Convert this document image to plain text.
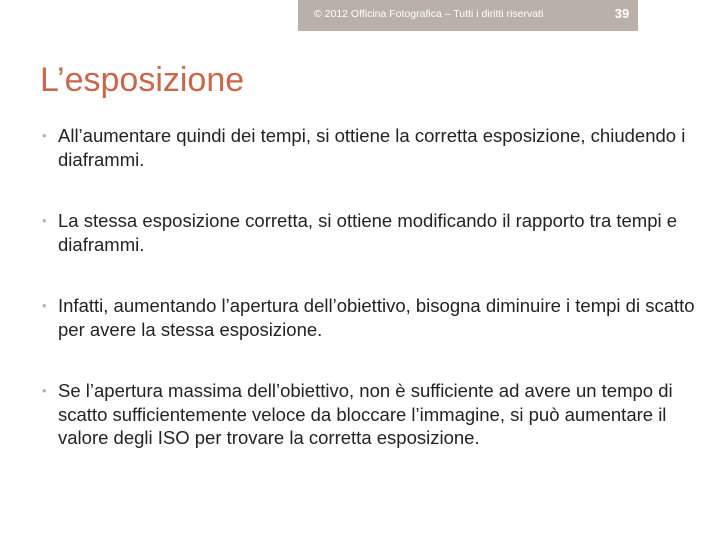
© 2012 Officina Fotografica – Tutti i diritti riservati	39
L’esposizione
• All’aumentare quindi dei tempi, si ottiene la corretta esposizione, chiudendo i diaframmi.
• La stessa esposizione corretta, si ottiene modificando il rapporto tra tempi e diaframmi.
• Infatti, aumentando l’apertura dell’obiettivo, bisogna diminuire i tempi di scatto per avere la stessa esposizione.
• Se l’apertura massima dell’obiettivo, non è sufficiente ad avere un tempo di scatto sufficientemente veloce da bloccare l’immagine, si può aumentare il valore degli ISO per trovare la corretta esposizione.
